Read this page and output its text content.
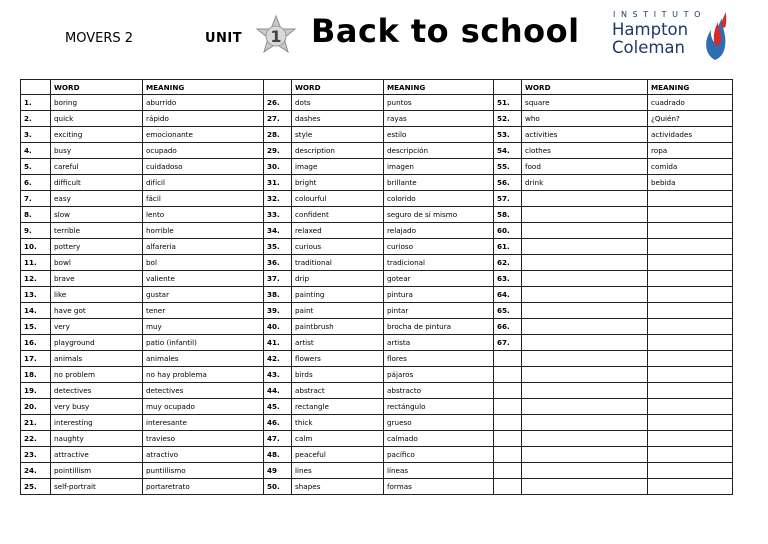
MOVERS 2	UNIT 1 Back to school	INSTITUTO
Hampton
Coleman
	WORD	MEANING		WORD	MEANING		WORD	MEANING
1.	boring	aburrido	26.	dots	puntos	51.	square	cuadrado
2.	quick	rápido	27.	dashes	rayas	52.	who	¿Quién?
3.	exciting	emocionante	28.	style	estilo	53.	activities	actividades
4.	busy	ocupado	29.	description	descripción	54.	clothes	ropa
5.	careful	cuidadoso	30.	image	imagen	55.	food	comida
6.	difficult	difícil	31.	bright	brillante	56.	drink	bebida
7.	easy	fácil	32.	colourful	colorido	57.		
8.	slow	lento	33.	confident	seguro de sí mismo	58.		
9.	terrible	horrible	34.	relaxed	relajado	60.		
10.	pottery	alfarería	35.	curious	curioso	61.		
11.	bowl	bol	36.	traditional	tradicional	62.		
12.	brave	valiente	37.	drip	gotear	63.		
13.	like	gustar	38.	painting	pintura	64.		
14.	have got	tener	39.	paint	pintar	65.		
15.	very	muy	40.	paintbrush	brocha de pintura	66.		
16.	playground	patio (infantil)	41.	artist	artista	67.		
17.	animals	animales	42.	flowers	flores			
18.	no problem	no hay problema	43.	birds	pájaros			
19.	detectives	detectives	44.	abstract	abstracto			
20.	very busy	muy ocupado	45.	rectangle	rectángulo			
21.	interesting	interesante	46.	thick	grueso			
22.	naughty	travieso	47.	calm	calmado			
23.	attractive	atractivo	48.	peaceful	pacífico			
24.	pointillism	puntillismo	49	lines	líneas			
25.	self-portrait	portaretrato	50.	shapes	formas			
